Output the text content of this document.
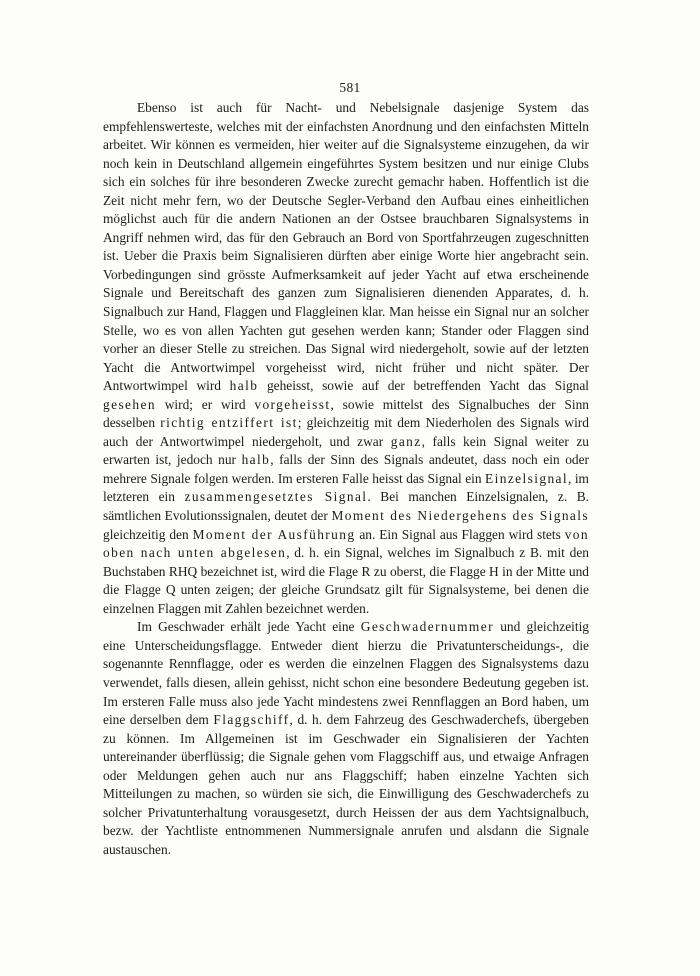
581

Ebenso ist auch für Nacht- und Nebelsignale dasjenige System das empfehlenswerteste, welches mit der einfachsten Anordnung und den einfachsten Mitteln arbeitet. Wir können es vermeiden, hier weiter auf die Signalsysteme einzugehen, da wir noch kein in Deutschland allgemein eingeführtes System besitzen und nur einige Clubs sich ein solches für ihre besonderen Zwecke zurecht gemachr haben. Hoffentlich ist die Zeit nicht mehr fern, wo der Deutsche Segler-Verband den Aufbau eines einheitlichen möglichst auch für die andern Nationen an der Ostsee brauchbaren Signalsystems in Angriff nehmen wird, das für den Gebrauch an Bord von Sportfahrzeugen zugeschnitten ist. Ueber die Praxis beim Signalisieren dürften aber einige Worte hier angebracht sein. Vorbedingungen sind grösste Aufmerksamkeit auf jeder Yacht auf etwa erscheinende Signale und Bereitschaft des ganzen zum Signalisieren dienenden Apparates, d. h. Signalbuch zur Hand, Flaggen und Flaggleinen klar. Man heisse ein Signal nur an solcher Stelle, wo es von allen Yachten gut gesehen werden kann; Stander oder Flaggen sind vorher an dieser Stelle zu streichen. Das Signal wird niedergeholt, sowie auf der letzten Yacht die Antwortwimpel vorgeheisst wird, nicht früher und nicht später. Der Antwortwimpel wird halb geheisst, sowie auf der betreffenden Yacht das Signal gesehen wird; er wird vorgeheisst, sowie mittelst des Signalbuches der Sinn desselben richtig entziffert ist; gleichzeitig mit dem Niederholen des Signals wird auch der Antwortwimpel niedergeholt, und zwar ganz, falls kein Signal weiter zu erwarten ist, jedoch nur halb, falls der Sinn des Signals andeutet, dass noch ein oder mehrere Signale folgen werden. Im ersteren Falle heisst das Signal ein Einzelsignal, im letzteren ein zusammengesetztes Signal. Bei manchen Einzelsignalen, z. B. sämtlichen Evolutionssignalen, deutet der Moment des Niedergehens des Signals gleichzeitig den Moment der Ausführung an. Ein Signal aus Flaggen wird stets von oben nach unten abgelesen, d. h. ein Signal, welches im Signalbuch z B. mit den Buchstaben RHQ bezeichnet ist, wird die Flage R zu oberst, die Flagge H in der Mitte und die Flagge Q unten zeigen; der gleiche Grundsatz gilt für Signalsysteme, bei denen die einzelnen Flaggen mit Zahlen bezeichnet werden.

Im Geschwader erhält jede Yacht eine Geschwadernummer und gleichzeitig eine Unterscheidungsflagge. Entweder dient hierzu die Privatunterscheidungs-, die sogenannte Rennflagge, oder es werden die einzelnen Flaggen des Signalsystems dazu verwendet, falls diesen, allein gehisst, nicht schon eine besondere Bedeutung gegeben ist. Im ersteren Falle muss also jede Yacht mindestens zwei Rennflaggen an Bord haben, um eine derselben dem Flaggschiff, d. h. dem Fahrzeug des Geschwaderchefs, übergeben zu können. Im Allgemeinen ist im Geschwader ein Signalisieren der Yachten untereinander überflüssig; die Signale gehen vom Flaggschiff aus, und etwaige Anfragen oder Meldungen gehen auch nur ans Flaggschiff; haben einzelne Yachten sich Mitteilungen zu machen, so würden sie sich, die Einwilligung des Geschwaderchefs zu solcher Privatunterhaltung vorausgesetzt, durch Heissen der aus dem Yachtsignalbuch, bezw. der Yachtliste entnommenen Nummersignale anrufen und alsdann die Signale austauschen.
